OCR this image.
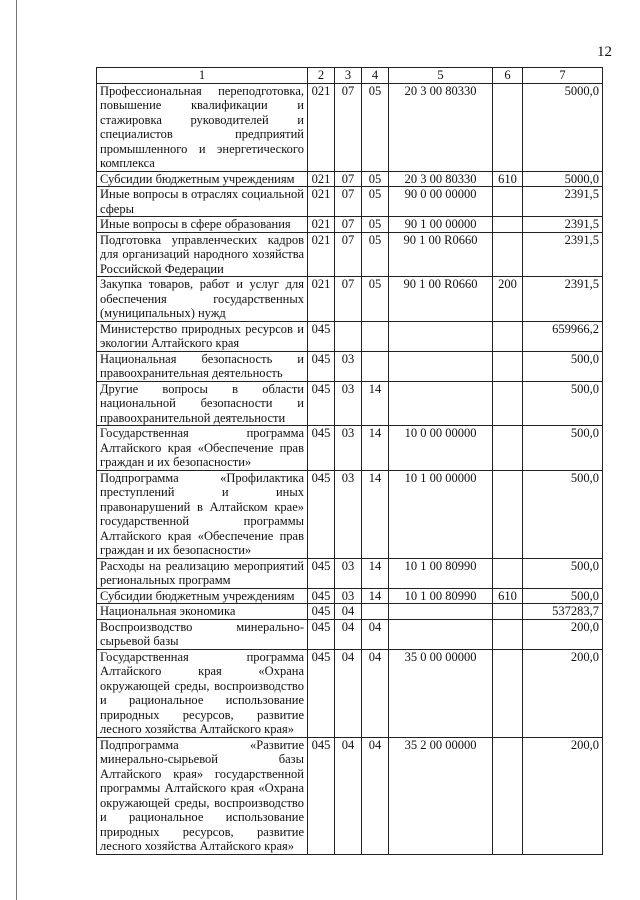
12
1	2	3	4	5	6	7
Профессиональная переподготовка, повышение квалификации и стажировка руководителей и специалистов предприятий промышленного и энергетического комплекса	021	07	05	20 3 00 80330		5000,0
Субсидии бюджетным учреждениям	021	07	05	20 3 00 80330	610	5000,0
Иные вопросы в отраслях социальной сферы	021	07	05	90 0 00 00000		2391,5
Иные вопросы в сфере образования	021	07	05	90 1 00 00000		2391,5
Подготовка управленческих кадров для организаций народного хозяйства Российской Федерации	021	07	05	90 1 00 R0660		2391,5
Закупка товаров, работ и услуг для обеспечения государственных (муниципальных) нужд	021	07	05	90 1 00 R0660	200	2391,5
Министерство природных ресурсов и экологии Алтайского края	045					659966,2
Национальная безопасность и правоохранительная деятельность	045	03				500,0
Другие вопросы в области национальной безопасности и правоохранительной деятельности	045	03	14			500,0
Государственная программа Алтайского края «Обеспечение прав граждан и их безопасности»	045	03	14	10 0 00 00000		500,0
Подпрограмма «Профилактика преступлений и иных правонарушений в Алтайском крае» государственной программы Алтайского края «Обеспечение прав граждан и их безопасности»	045	03	14	10 1 00 00000		500,0
Расходы на реализацию мероприятий региональных программ	045	03	14	10 1 00 80990		500,0
Субсидии бюджетным учреждениям	045	03	14	10 1 00 80990	610	500,0
Национальная экономика	045	04				537283,7
Воспроизводство минерально-сырьевой базы	045	04	04			200,0
Государственная программа Алтайского края «Охрана окружающей среды, воспроизводство и рациональное использование природных ресурсов, развитие лесного хозяйства Алтайского края»	045	04	04	35 0 00 00000		200,0
Подпрограмма «Развитие минерально-сырьевой базы Алтайского края» государственной программы Алтайского края «Охрана окружающей среды, воспроизводство и рациональное использование природных ресурсов, развитие лесного хозяйства Алтайского края»	045	04	04	35 2 00 00000		200,0
